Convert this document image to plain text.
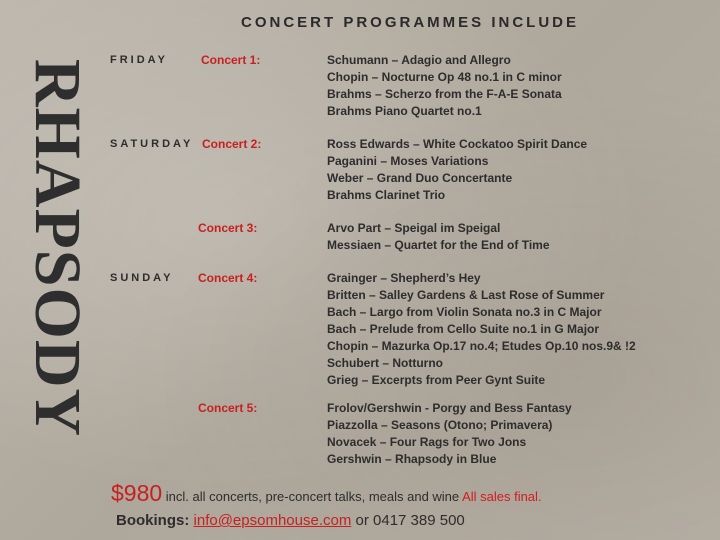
CONCERT PROGRAMMES INCLUDE
RHAPSODY FRIDAY	Concert 1:	Schumann – Adagio and Allegro
Chopin – Nocturne Op 48 no.1 in C minor
Brahms – Scherzo from the F-A-E Sonata
Brahms Piano Quartet no.1
SATURDAY Concert 2:	Ross Edwards – White Cockatoo Spirit Dance
Paganini – Moses Variations
Weber – Grand Duo Concertante
Brahms Clarinet Trio
Concert 3:	Arvo Part – Speigal im Speigal
Messiaen – Quartet for the End of Time
SUNDAY Concert 4:	Grainger – Shepherd’s Hey
Britten – Salley Gardens & Last Rose of Summer
Bach – Largo from Violin Sonata no.3 in C Major
Bach – Prelude from Cello Suite no.1 in G Major
Chopin – Mazurka Op.17 no.4; Etudes Op.10 nos.9& !2
Schubert – Notturno
Grieg – Excerpts from Peer Gynt Suite
Concert 5:	Frolov/Gershwin - Porgy and Bess Fantasy
Piazzolla – Seasons (Otono; Primavera)
Novacek – Four Rags for Two Jons
Gershwin – Rhapsody in Blue
$980 incl. all concerts, pre-concert talks, meals and wine All sales final.
Bookings: info@epsomhouse.com or 0417 389 500
